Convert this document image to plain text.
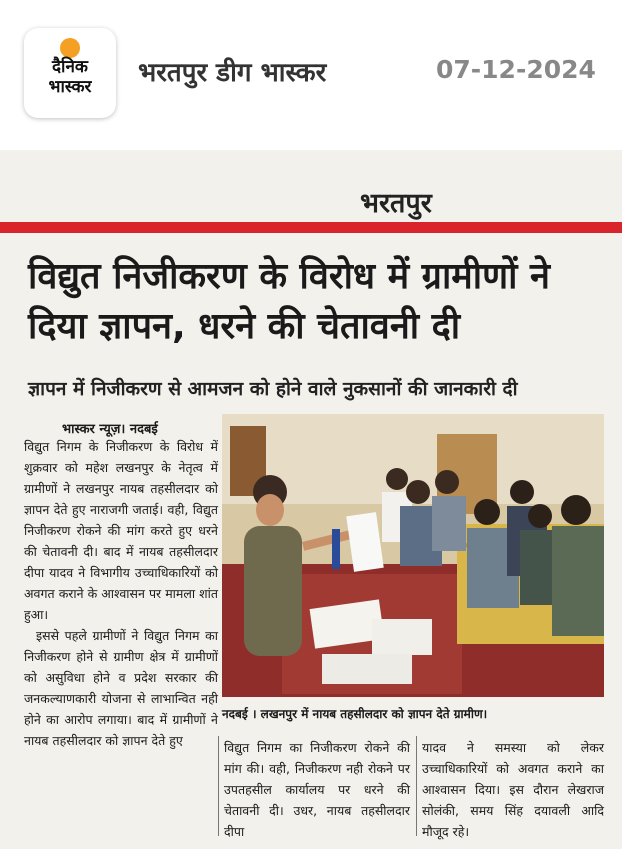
दैनिक
भास्कर	भरतपुर डीग भास्कर	07-12-2024
भरतपुर
विद्युत निजीकरण के विरोध में ग्रामीणों ने दिया ज्ञापन, धरने की चेतावनी दी
ज्ञापन में निजीकरण से आमजन को होने वाले नुकसानों की जानकारी दी
भास्कर न्यूज़। नदबई

विद्युत निगम के निजीकरण के विरोध में शुक्रवार को महेश लखनपुर के नेतृत्व में ग्रामीणों ने लखनपुर नायब तहसीलदार को ज्ञापन देते हुए नाराजगी जताई। वही, विद्युत निजीकरण रोकने की मांग करते हुए धरने की चेतावनी दी। बाद में नायब तहसीलदार दीपा यादव ने विभागीय उच्चाधिकारियों को अवगत कराने के आश्वासन पर मामला शांत हुआ।

इससे पहले ग्रामीणों ने विद्युत निगम का निजीकरण होने से ग्रामीण क्षेत्र में ग्रामीणों को असुविधा होने व प्रदेश सरकार की जनकल्याणकारी योजना से लाभान्वित नही होने का आरोप लगाया। बाद में ग्रामीणों ने नायब तहसीलदार को ज्ञापन देते हुए

नदबई । लखनपुर में नायब तहसीलदार को ज्ञापन देते ग्रामीण।
विद्युत निगम का निजीकरण रोकने की मांग की। वही, निजीकरण नही रोकने पर उपतहसील कार्यालय पर धरने की चेतावनी दी। उधर, नायब तहसीलदार दीपा
यादव ने समस्या को लेकर उच्चाधिकारियों को अवगत कराने का आश्वासन दिया। इस दौरान लेखराज सोलंकी, समय सिंह दयावली आदि मौजूद रहे।
